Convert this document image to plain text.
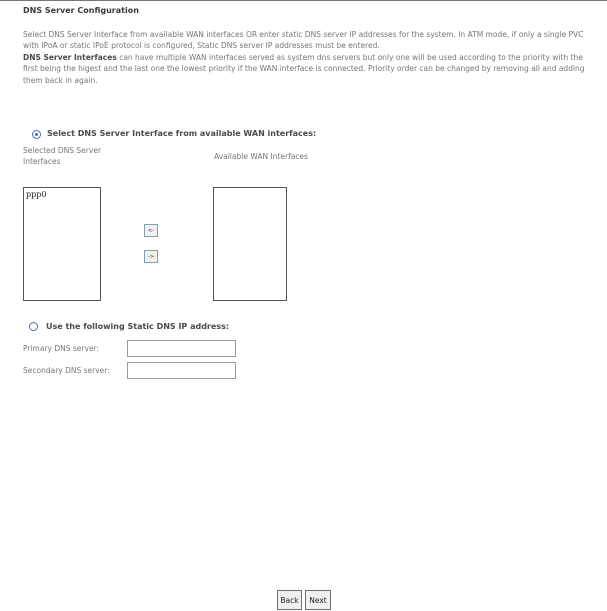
DNS Server Configuration

Select DNS Server Interface from available WAN interfaces OR enter static DNS server IP addresses for the system. In ATM mode, if only a single PVC with IPoA or static IPoE protocol is configured, Static DNS server IP addresses must be entered.

DNS Server Interfaces can have multiple WAN interfaces served as system dns servers but only one will be used according to the priority with the first being the higest and the last one the lowest priority if the WAN interface is connected. Priority order can be changed by removing all and adding them back in again.

Select DNS Server Interface from available WAN interfaces:
Selected DNS Server Interfaces	Available WAN Interfaces
ppp0
<-
->
Use the following Static DNS IP address:
Primary DNS server:
Secondary DNS server:
Back	Next
